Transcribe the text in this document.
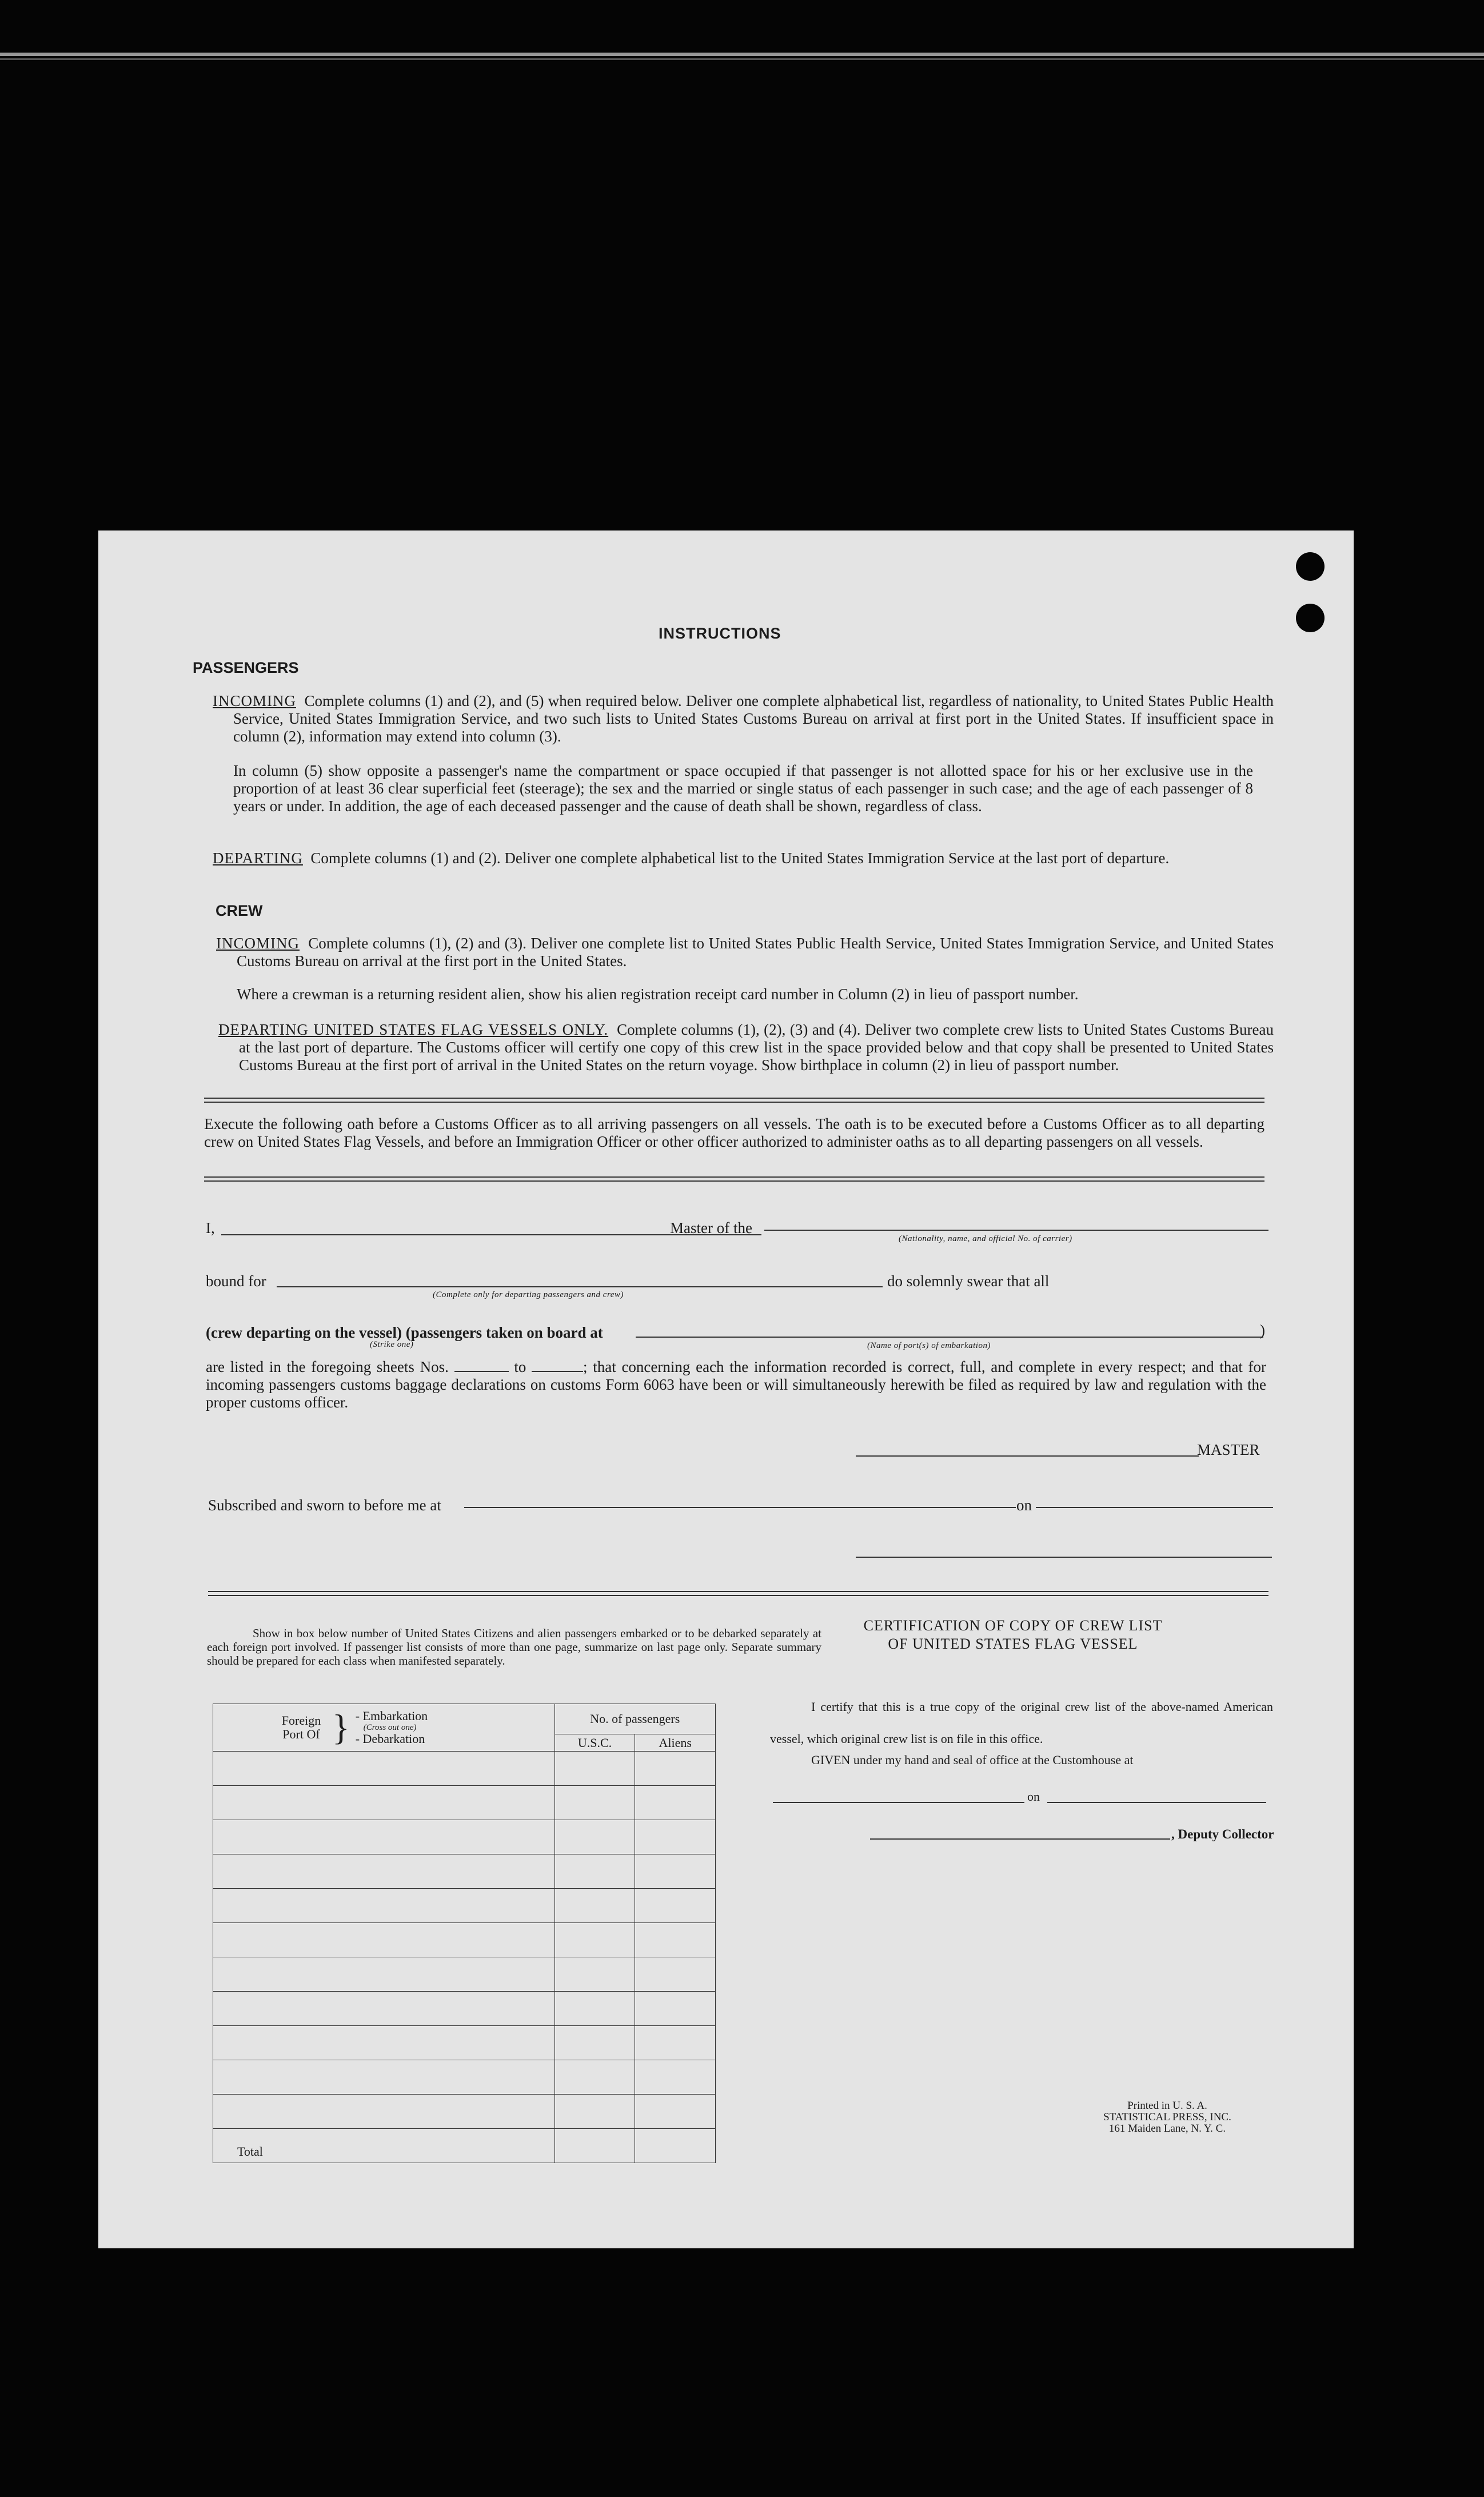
INSTRUCTIONS
PASSENGERS
INCOMING Complete columns (1) and (2), and (5) when required below. Deliver one complete alphabetical list, regardless of nationality, to United States Public Health Service, United States Immigration Service, and two such lists to United States Customs Bureau on arrival at first port in the United States. If insufficient space in column (2), information may extend into column (3).
In column (5) show opposite a passenger's name the compartment or space occupied if that passenger is not allotted space for his or her exclusive use in the proportion of at least 36 clear superficial feet (steerage); the sex and the married or single status of each passenger in such case; and the age of each passenger of 8 years or under. In addition, the age of each deceased passenger and the cause of death shall be shown, regardless of class.
DEPARTING Complete columns (1) and (2). Deliver one complete alphabetical list to the United States Immigration Service at the last port of departure.
CREW
INCOMING Complete columns (1), (2) and (3). Deliver one complete list to United States Public Health Service, United States Immigration Service, and United States Customs Bureau on arrival at the first port in the United States.
Where a crewman is a returning resident alien, show his alien registration receipt card number in Column (2) in lieu of passport number.
DEPARTING UNITED STATES FLAG VESSELS ONLY. Complete columns (1), (2), (3) and (4). Deliver two complete crew lists to United States Customs Bureau at the last port of departure. The Customs officer will certify one copy of this crew list in the space provided below and that copy shall be presented to United States Customs Bureau at the first port of arrival in the United States on the return voyage. Show birthplace in column (2) in lieu of passport number.
Execute the following oath before a Customs Officer as to all arriving passengers on all vessels. The oath is to be executed before a Customs Officer as to all departing crew on United States Flag Vessels, and before an Immigration Officer or other officer authorized to administer oaths as to all departing passengers on all vessels.
I,	Master of the
(Nationality, name, and official No. of carrier)
bound for
(Complete only for departing passengers and crew)
do solemnly swear that all
(crew departing on the vessel) (passengers taken on board at
(Strike one)
)
(Name of port(s) of embarkation)
are listed in the foregoing sheets Nos.	to	; that concerning each the information recorded is correct, full, and complete in every respect; and that for incoming passengers customs baggage declarations on customs Form 6063 have been or will simultaneously herewith be filed as required by law and regulation with the proper customs officer.
MASTER
Subscribed and sworn to before me at	on
Show in box below number of United States Citizens and alien passengers embarked or to be debarked separately at each foreign port involved. If passenger list consists of more than one page, summarize on last page only. Separate summary should be prepared for each class when manifested separately.
Foreign Port Of } - Embarkation
(Cross out one)
- Debarkation	No. of passengers	
	U.S.C.	Aliens

Total		
CERTIFICATION OF COPY OF CREW LIST
OF UNITED STATES FLAG VESSEL
I certify that this is a true copy of the original crew list of the above-named American vessel, which original crew list is on file in this office.
GIVEN under my hand and seal of office at the Customhouse at
on
, Deputy Collector
Printed in U. S. A.
STATISTICAL PRESS, INC.
161 Maiden Lane, N. Y. C.
